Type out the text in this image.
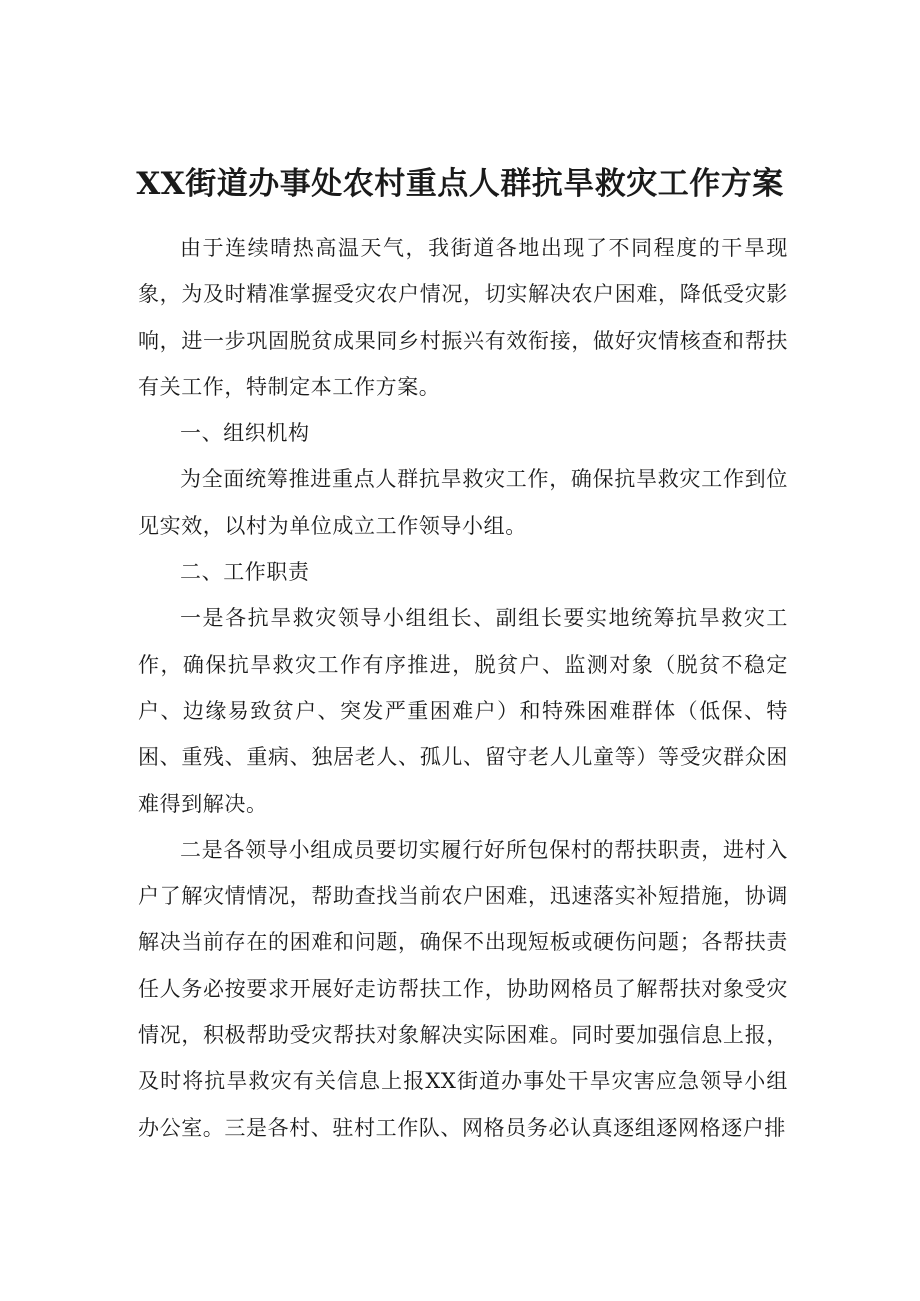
XX街道办事处农村重点人群抗旱救灾工作方案

由于连续晴热高温天气，我街道各地出现了不同程度的干旱现象，为及时精准掌握受灾农户情况，切实解决农户困难，降低受灾影响，进一步巩固脱贫成果同乡村振兴有效衔接，做好灾情核查和帮扶有关工作，特制定本工作方案。

一、组织机构

为全面统筹推进重点人群抗旱救灾工作，确保抗旱救灾工作到位见实效，以村为单位成立工作领导小组。

二、工作职责

一是各抗旱救灾领导小组组长、副组长要实地统筹抗旱救灾工作，确保抗旱救灾工作有序推进，脱贫户、监测对象（脱贫不稳定户、边缘易致贫户、突发严重困难户）和特殊困难群体（低保、特困、重残、重病、独居老人、孤儿、留守老人儿童等）等受灾群众困难得到解决。

二是各领导小组成员要切实履行好所包保村的帮扶职责，进村入户了解灾情情况，帮助查找当前农户困难，迅速落实补短措施，协调解决当前存在的困难和问题，确保不出现短板或硬伤问题；各帮扶责任人务必按要求开展好走访帮扶工作，协助网格员了解帮扶对象受灾情况，积极帮助受灾帮扶对象解决实际困难。同时要加强信息上报，及时将抗旱救灾有关信息上报XX街道办事处干旱灾害应急领导小组办公室。三是各村、驻村工作队、网格员务必认真逐组逐网格逐户排
